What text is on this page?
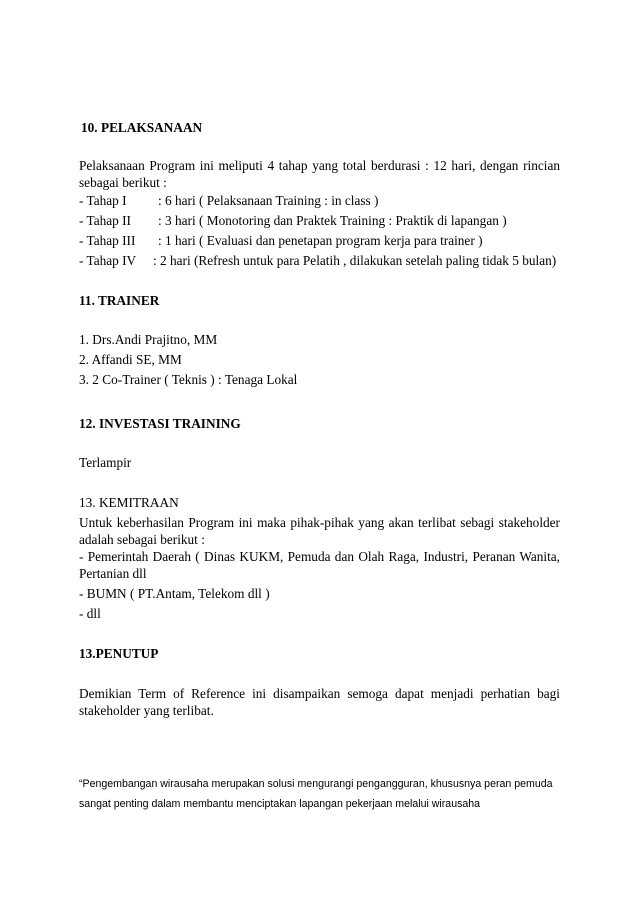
10. PELAKSANAAN
Pelaksanaan Program ini meliputi 4 tahap yang total berdurasi : 12 hari, dengan rincian sebagai berikut :
- Tahap I	: 6 hari ( Pelaksanaan Training : in class )
- Tahap II	: 3 hari ( Monotoring dan Praktek Training : Praktik di lapangan )
- Tahap III	: 1 hari ( Evaluasi dan penetapan program kerja para trainer )
- Tahap IV	: 2 hari (Refresh untuk para Pelatih , dilakukan setelah paling tidak 5 bulan)
11. TRAINER
1. Drs.Andi Prajitno, MM
2. Affandi SE, MM
3. 2 Co-Trainer ( Teknis ) : Tenaga Lokal
12. INVESTASI TRAINING
Terlampir
13. KEMITRAAN
Untuk keberhasilan Program ini maka pihak-pihak yang akan terlibat sebagi stakeholder adalah sebagai berikut :
- Pemerintah Daerah ( Dinas KUKM, Pemuda dan Olah Raga, Industri, Peranan Wanita, Pertanian dll
- BUMN ( PT.Antam, Telekom dll )
- dll
13.PENUTUP
Demikian Term of Reference ini disampaikan semoga dapat menjadi perhatian bagi stakeholder yang terlibat.
“Pengembangan wirausaha merupakan solusi mengurangi pengangguran, khususnya peran pemuda
sangat penting dalam membantu menciptakan lapangan pekerjaan melalui wirausaha
